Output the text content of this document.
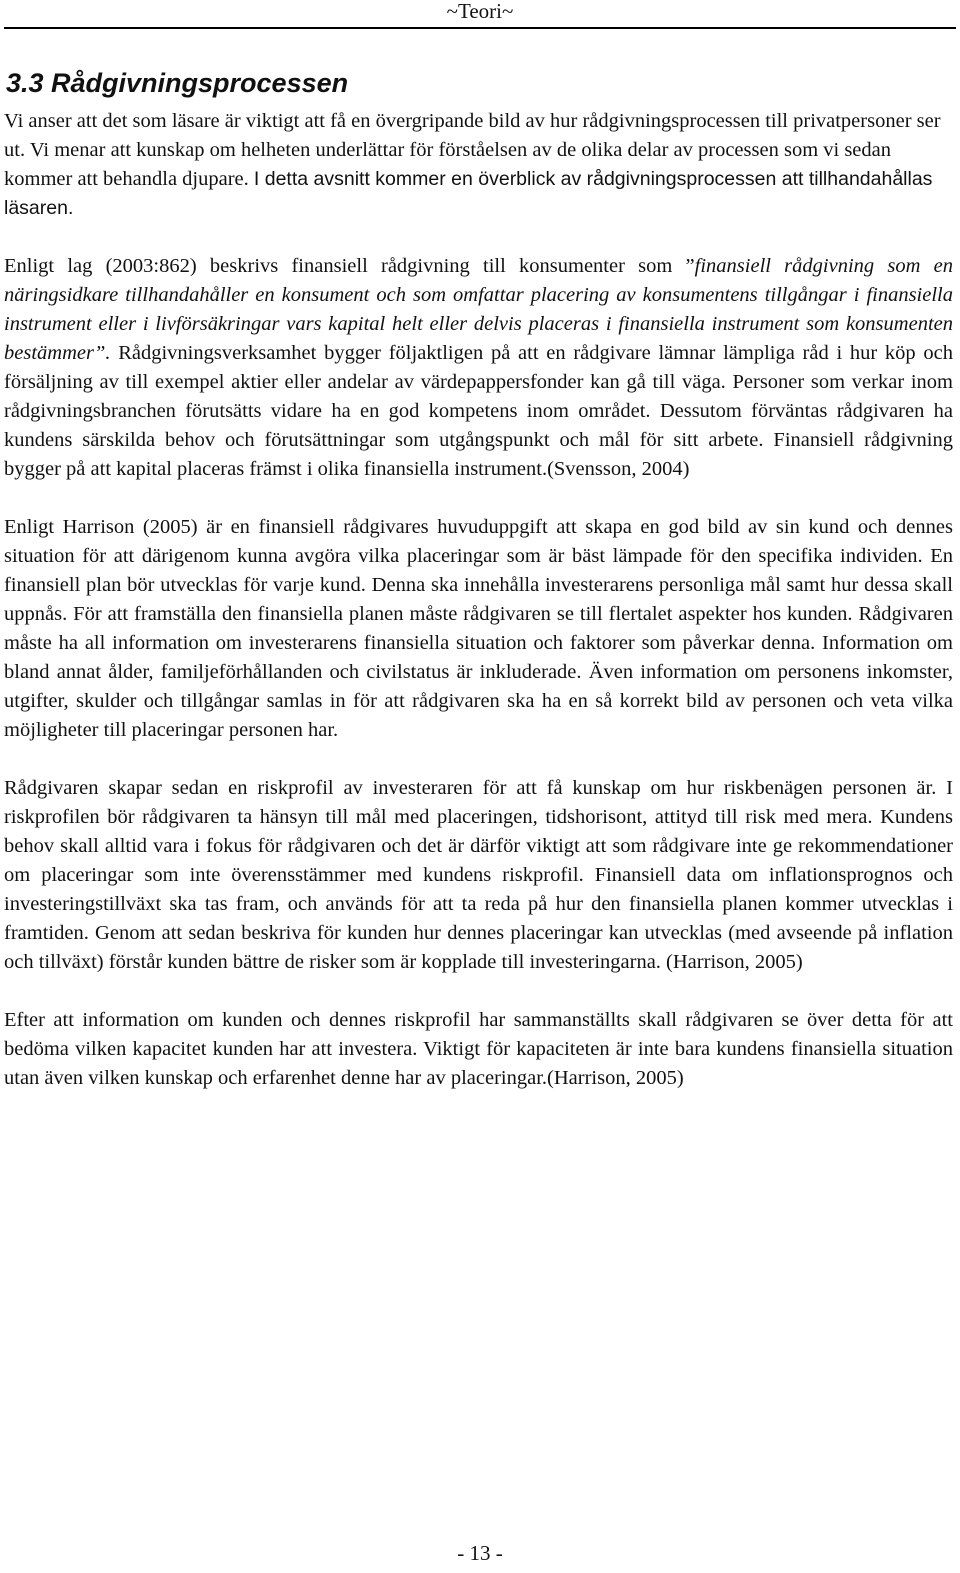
~Teori~
3.3 Rådgivningsprocessen

Vi anser att det som läsare är viktigt att få en övergripande bild av hur rådgivningsprocessen till privatpersoner ser ut. Vi menar att kunskap om helheten underlättar för förståelsen av de olika delar av processen som vi sedan kommer att behandla djupare. I detta avsnitt kommer en överblick av rådgivningsprocessen att tillhandahållas läsaren.

Enligt lag (2003:862) beskrivs finansiell rådgivning till konsumenter som ”finansiell rådgivning som en näringsidkare tillhandahåller en konsument och som omfattar placering av konsumentens tillgångar i finansiella instrument eller i livförsäkringar vars kapital helt eller delvis placeras i finansiella instrument som konsumenten bestämmer”. Rådgivningsverksamhet bygger följaktligen på att en rådgivare lämnar lämpliga råd i hur köp och försäljning av till exempel aktier eller andelar av värdepappersfonder kan gå till väga. Personer som verkar inom rådgivningsbranchen förutsätts vidare ha en god kompetens inom området. Dessutom förväntas rådgivaren ha kundens särskilda behov och förutsättningar som utgångspunkt och mål för sitt arbete. Finansiell rådgivning bygger på att kapital placeras främst i olika finansiella instrument.(Svensson, 2004)

Enligt Harrison (2005) är en finansiell rådgivares huvuduppgift att skapa en god bild av sin kund och dennes situation för att därigenom kunna avgöra vilka placeringar som är bäst lämpade för den specifika individen. En finansiell plan bör utvecklas för varje kund. Denna ska innehålla investerarens personliga mål samt hur dessa skall uppnås. För att framställa den finansiella planen måste rådgivaren se till flertalet aspekter hos kunden. Rådgivaren måste ha all information om investerarens finansiella situation och faktorer som påverkar denna. Information om bland annat ålder, familjeförhållanden och civilstatus är inkluderade. Även information om personens inkomster, utgifter, skulder och tillgångar samlas in för att rådgivaren ska ha en så korrekt bild av personen och veta vilka möjligheter till placeringar personen har.

Rådgivaren skapar sedan en riskprofil av investeraren för att få kunskap om hur riskbenägen personen är. I riskprofilen bör rådgivaren ta hänsyn till mål med placeringen, tidshorisont, attityd till risk med mera. Kundens behov skall alltid vara i fokus för rådgivaren och det är därför viktigt att som rådgivare inte ge rekommendationer om placeringar som inte överensstämmer med kundens riskprofil. Finansiell data om inflationsprognos och investeringstillväxt ska tas fram, och används för att ta reda på hur den finansiella planen kommer utvecklas i framtiden. Genom att sedan beskriva för kunden hur dennes placeringar kan utvecklas (med avseende på inflation och tillväxt) förstår kunden bättre de risker som är kopplade till investeringarna. (Harrison, 2005)

Efter att information om kunden och dennes riskprofil har sammanställts skall rådgivaren se över detta för att bedöma vilken kapacitet kunden har att investera. Viktigt för kapaciteten är inte bara kundens finansiella situation utan även vilken kunskap och erfarenhet denne har av placeringar.(Harrison, 2005)

- 13 -
